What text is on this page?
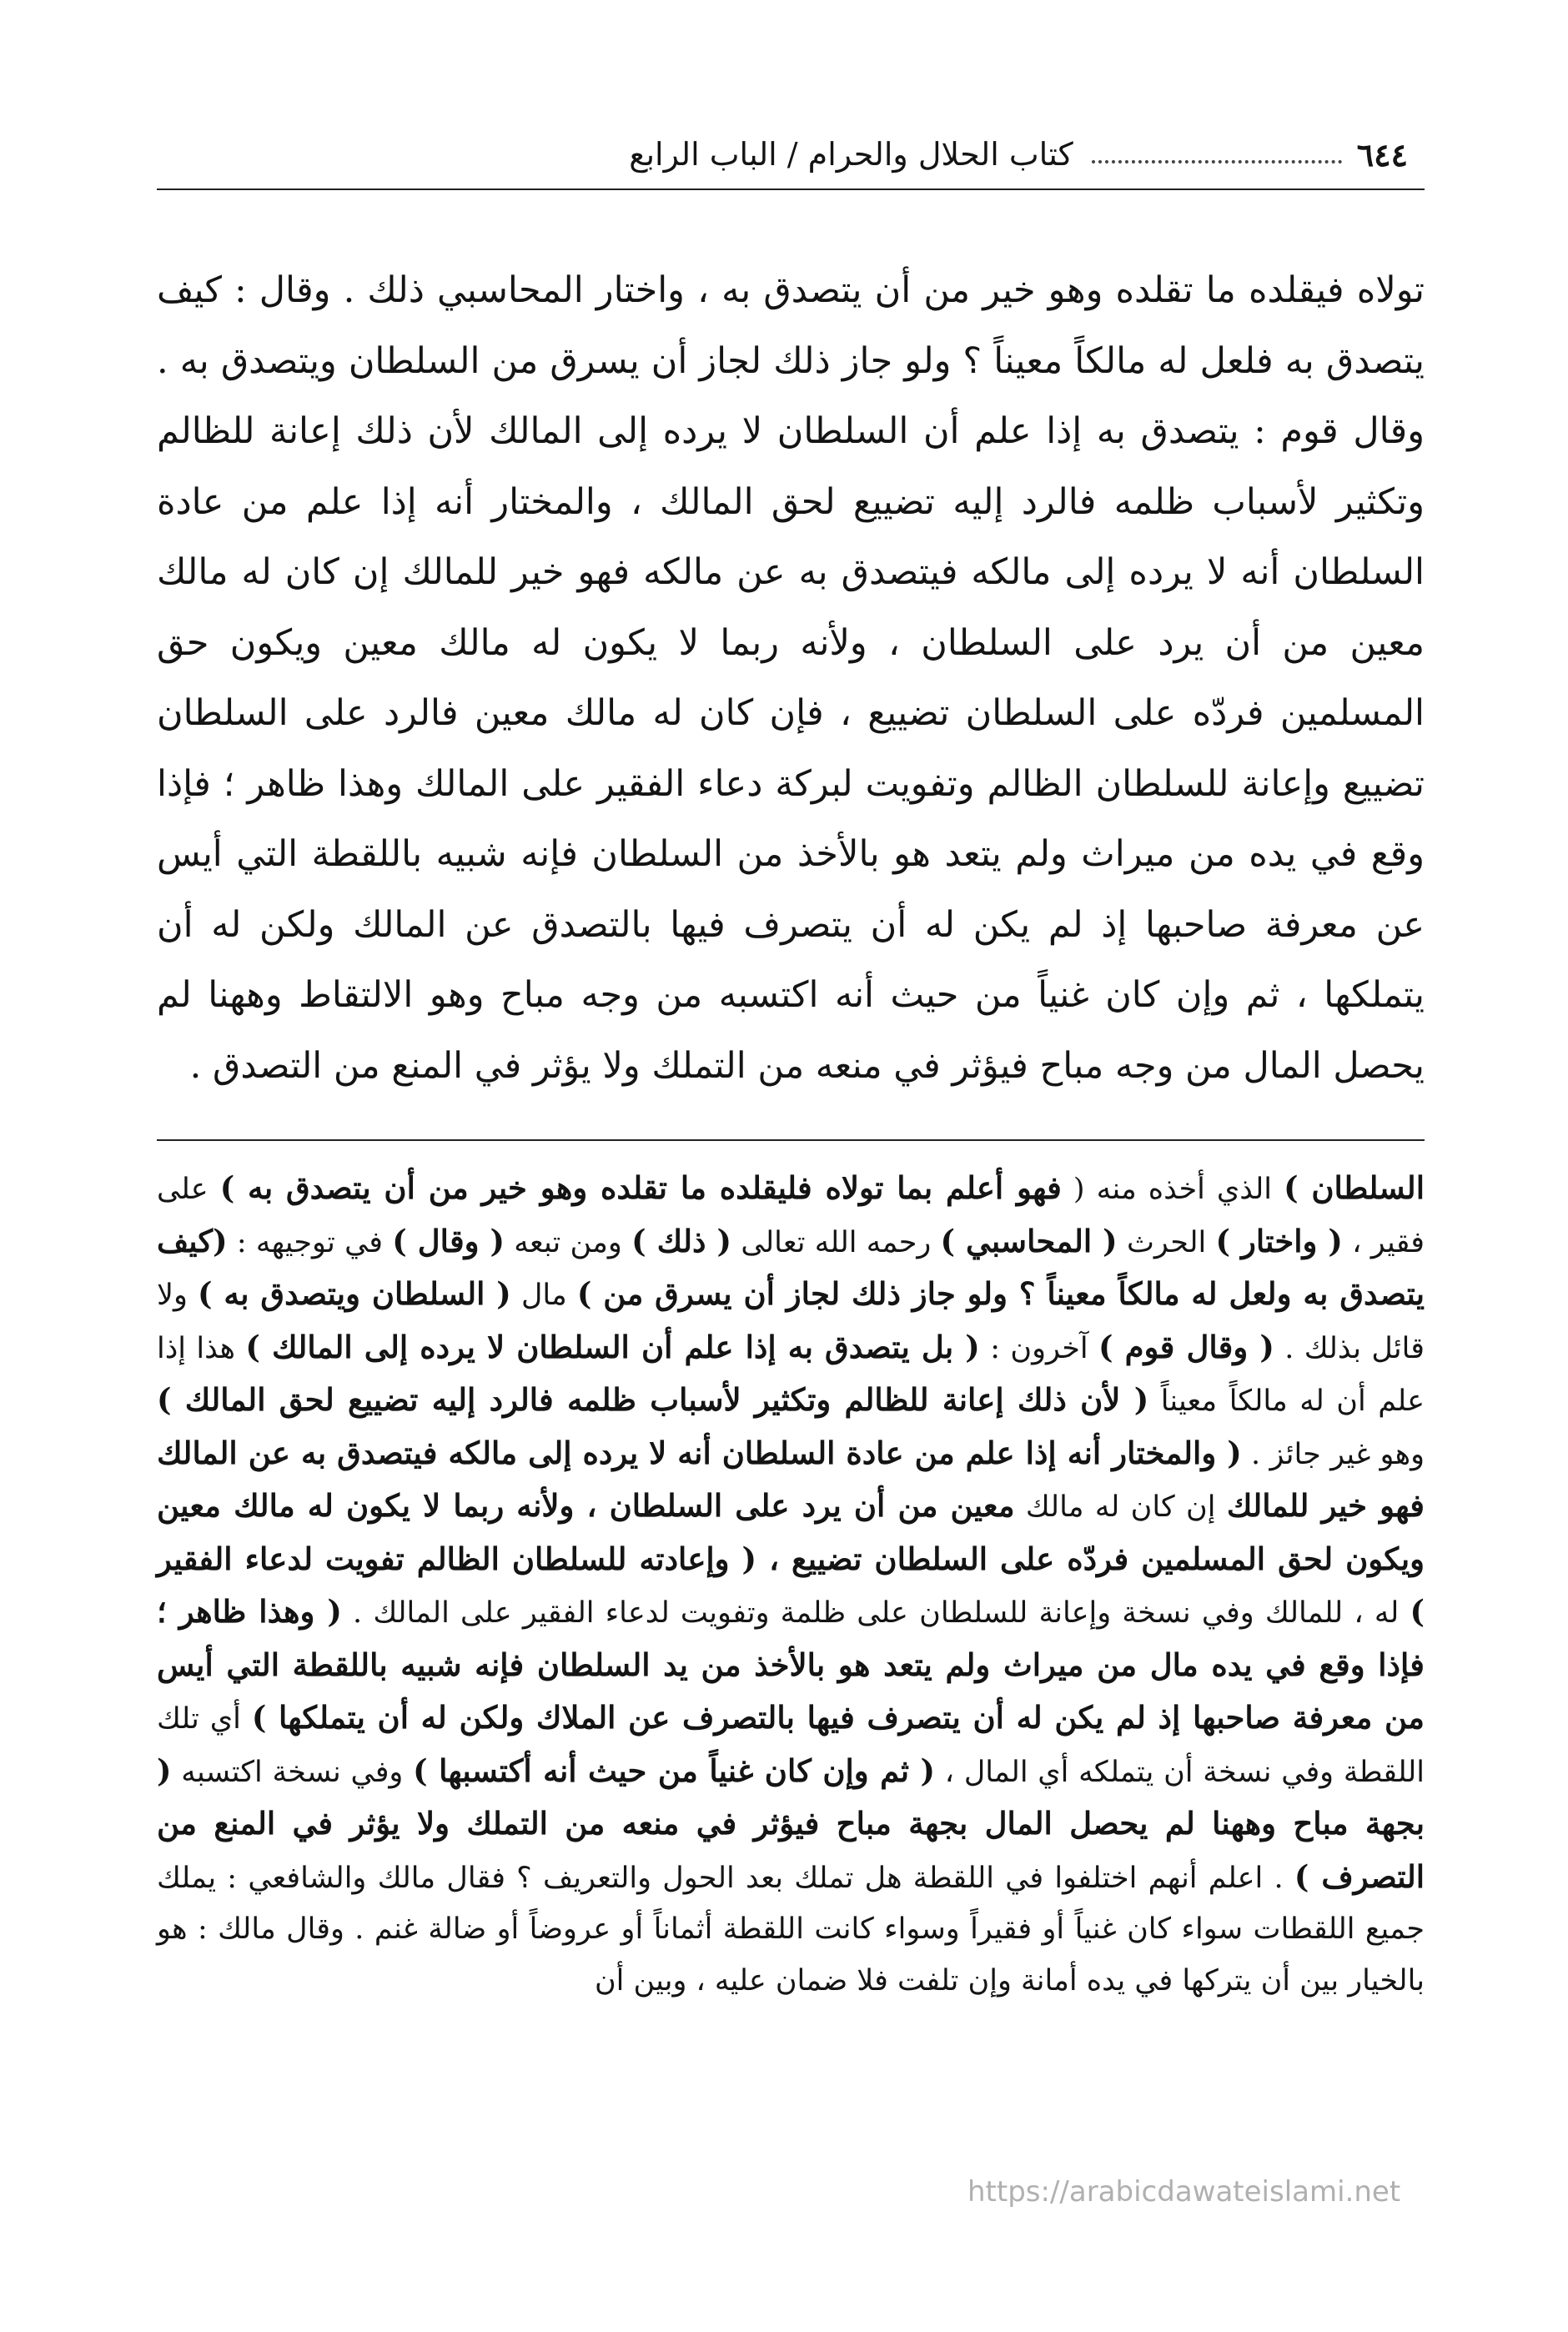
٦٤٤
كتاب الحلال والحرام / الباب الرابع

تولاه فيقلده ما تقلده وهو خير من أن يتصدق به ، واختار المحاسبي ذلك . وقال : كيف يتصدق به فلعل له مالكاً معيناً ؟ ولو جاز ذلك لجاز أن يسرق من السلطان ويتصدق به . وقال قوم : يتصدق به إذا علم أن السلطان لا يرده إلى المالك لأن ذلك إعانة للظالم وتكثير لأسباب ظلمه فالرد إليه تضييع لحق المالك ، والمختار أنه إذا علم من عادة السلطان أنه لا يرده إلى مالكه فيتصدق به عن مالكه فهو خير للمالك إن كان له مالك معين من أن يرد على السلطان ، ولأنه ربما لا يكون له مالك معين ويكون حق المسلمين فردّه على السلطان تضييع ، فإن كان له مالك معين فالرد على السلطان تضييع وإعانة للسلطان الظالم وتفويت لبركة دعاء الفقير على المالك وهذا ظاهر ؛ فإذا وقع في يده من ميراث ولم يتعد هو بالأخذ من السلطان فإنه شبيه باللقطة التي أيس عن معرفة صاحبها إذ لم يكن له أن يتصرف فيها بالتصدق عن المالك ولكن له أن يتملكها ، ثم وإن كان غنياً من حيث أنه اكتسبه من وجه مباح وهو الالتقاط وههنا لم يحصل المال من وجه مباح فيؤثر في منعه من التملك ولا يؤثر في المنع من التصدق .

السلطان ) الذي أخذه منه ( فهو أعلم بما تولاه فليقلده ما تقلده وهو خير من أن يتصدق به ) على فقير ، ( واختار ) الحرث ( المحاسبي ) رحمه الله تعالى ( ذلك ) ومن تبعه ( وقال ) في توجيهه : (كيف يتصدق به ولعل له مالكاً معيناً ؟ ولو جاز ذلك لجاز أن يسرق من ) مال ( السلطان ويتصدق به ) ولا قائل بذلك . ( وقال قوم ) آخرون : ( بل يتصدق به إذا علم أن السلطان لا يرده إلى المالك ) هذا إذا علم أن له مالكاً معيناً ( لأن ذلك إعانة للظالم وتكثير لأسباب ظلمه فالرد إليه تضييع لحق المالك ) وهو غير جائز . ( والمختار أنه إذا علم من عادة السلطان أنه لا يرده إلى مالكه فيتصدق به عن المالك فهو خير للمالك إن كان له مالك معين من أن يرد على السلطان ، ولأنه ربما لا يكون له مالك معين ويكون لحق المسلمين فردّه على السلطان تضييع ، ( وإعادته للسلطان الظالم تفويت لدعاء الفقير ) له ، للمالك وفي نسخة وإعانة للسلطان على ظلمة وتفويت لدعاء الفقير على المالك . ( وهذا ظاهر ؛ فإذا وقع في يده مال من ميراث ولم يتعد هو بالأخذ من يد السلطان فإنه شبيه باللقطة التي أيس من معرفة صاحبها إذ لم يكن له أن يتصرف فيها بالتصرف عن الملاك ولكن له أن يتملكها ) أي تلك اللقطة وفي نسخة أن يتملكه أي المال ، ( ثم وإن كان غنياً من حيث أنه أكتسبها ) وفي نسخة اكتسبه ( بجهة مباح وههنا لم يحصل المال بجهة مباح فيؤثر في منعه من التملك ولا يؤثر في المنع من التصرف ) . اعلم أنهم اختلفوا في اللقطة هل تملك بعد الحول والتعريف ؟ فقال مالك والشافعي : يملك جميع اللقطات سواء كان غنياً أو فقيراً وسواء كانت اللقطة أثماناً أو عروضاً أو ضالة غنم . وقال مالك : هو بالخيار بين أن يتركها في يده أمانة وإن تلفت فلا ضمان عليه ، وبين أن

https://arabicdawateislami.net
